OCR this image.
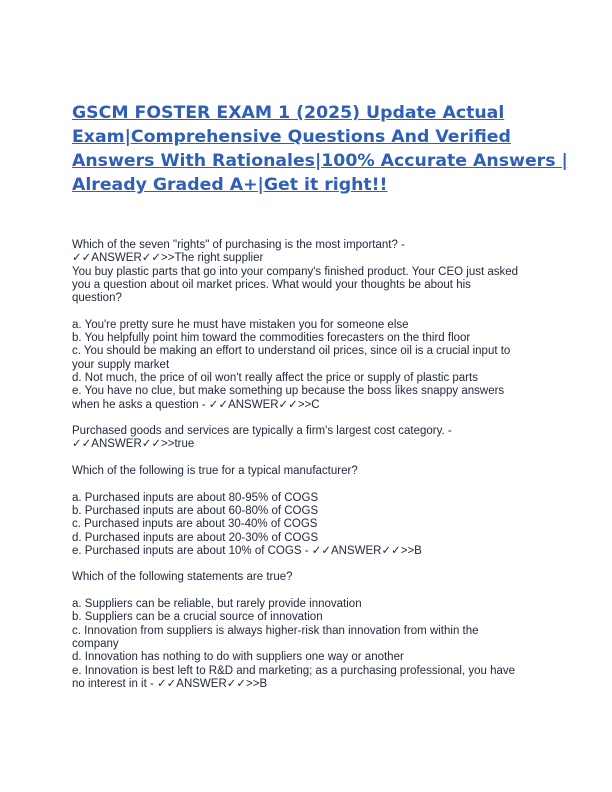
GSCM FOSTER EXAM 1 (2025) Update Actual
Exam|Comprehensive Questions And Verified
Answers With Rationales|100% Accurate Answers |
Already Graded A+|Get it right!!
Which of the seven "rights" of purchasing is the most important? -
✓✓ANSWER✓✓>>The right supplier
You buy plastic parts that go into your company's finished product. Your CEO just asked
you a question about oil market prices. What would your thoughts be about his
question?
a. You're pretty sure he must have mistaken you for someone else
b. You helpfully point him toward the commodities forecasters on the third floor
c. You should be making an effort to understand oil prices, since oil is a crucial input to
your supply market
d. Not much, the price of oil won't really affect the price or supply of plastic parts
e. You have no clue, but make something up because the boss likes snappy answers
when he asks a question - ✓✓ANSWER✓✓>>C
Purchased goods and services are typically a firm's largest cost category. -
✓✓ANSWER✓✓>>true
Which of the following is true for a typical manufacturer?
a. Purchased inputs are about 80-95% of COGS
b. Purchased inputs are about 60-80% of COGS
c. Purchased inputs are about 30-40% of COGS
d. Purchased inputs are about 20-30% of COGS
e. Purchased inputs are about 10% of COGS - ✓✓ANSWER✓✓>>B
Which of the following statements are true?
a. Suppliers can be reliable, but rarely provide innovation
b. Suppliers can be a crucial source of innovation
c. Innovation from suppliers is always higher-risk than innovation from within the
company
d. Innovation has nothing to do with suppliers one way or another
e. Innovation is best left to R&D and marketing; as a purchasing professional, you have
no interest in it - ✓✓ANSWER✓✓>>B
